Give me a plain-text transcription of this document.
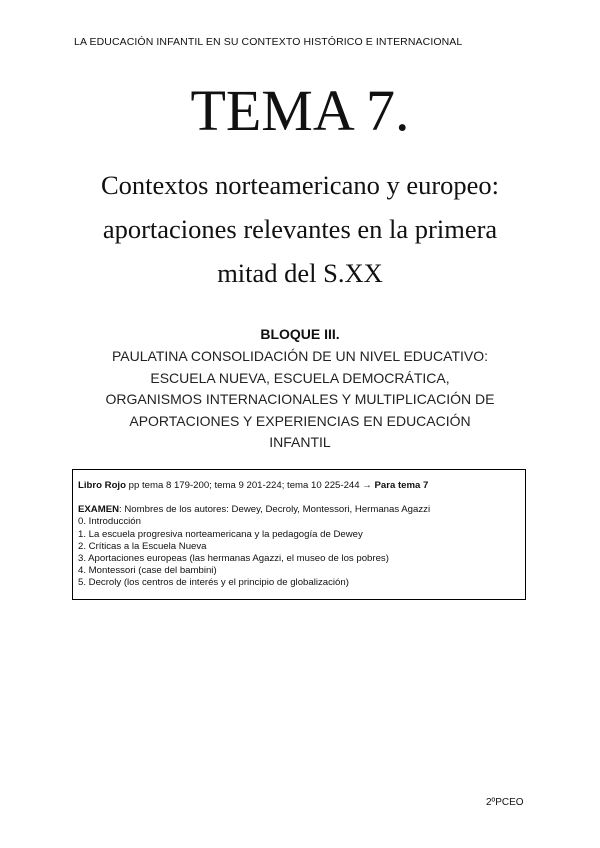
LA EDUCACIÓN INFANTIL EN SU CONTEXTO HISTÓRICO E INTERNACIONAL
TEMA 7.
Contextos norteamericano y europeo:
aportaciones relevantes en la primera
mitad del S.XX
BLOQUE III.
PAULATINA CONSOLIDACIÓN DE UN NIVEL EDUCATIVO:
ESCUELA NUEVA, ESCUELA DEMOCRÁTICA,
ORGANISMOS INTERNACIONALES Y MULTIPLICACIÓN DE
APORTACIONES Y EXPERIENCIAS EN EDUCACIÓN
INFANTIL
Libro Rojo pp tema 8 179-200; tema 9 201-224; tema 10 225-244 → Para tema 7
EXAMEN: Nombres de los autores: Dewey, Decroly, Montessori, Hermanas Agazzi
0. Introducción
1. La escuela progresiva norteamericana y la pedagogía de Dewey
2. Críticas a la Escuela Nueva
3. Aportaciones europeas (las hermanas Agazzi, el museo de los pobres)
4. Montessori (case del bambini)
5. Decroly (los centros de interés y el principio de globalización)
2ºPCEO
